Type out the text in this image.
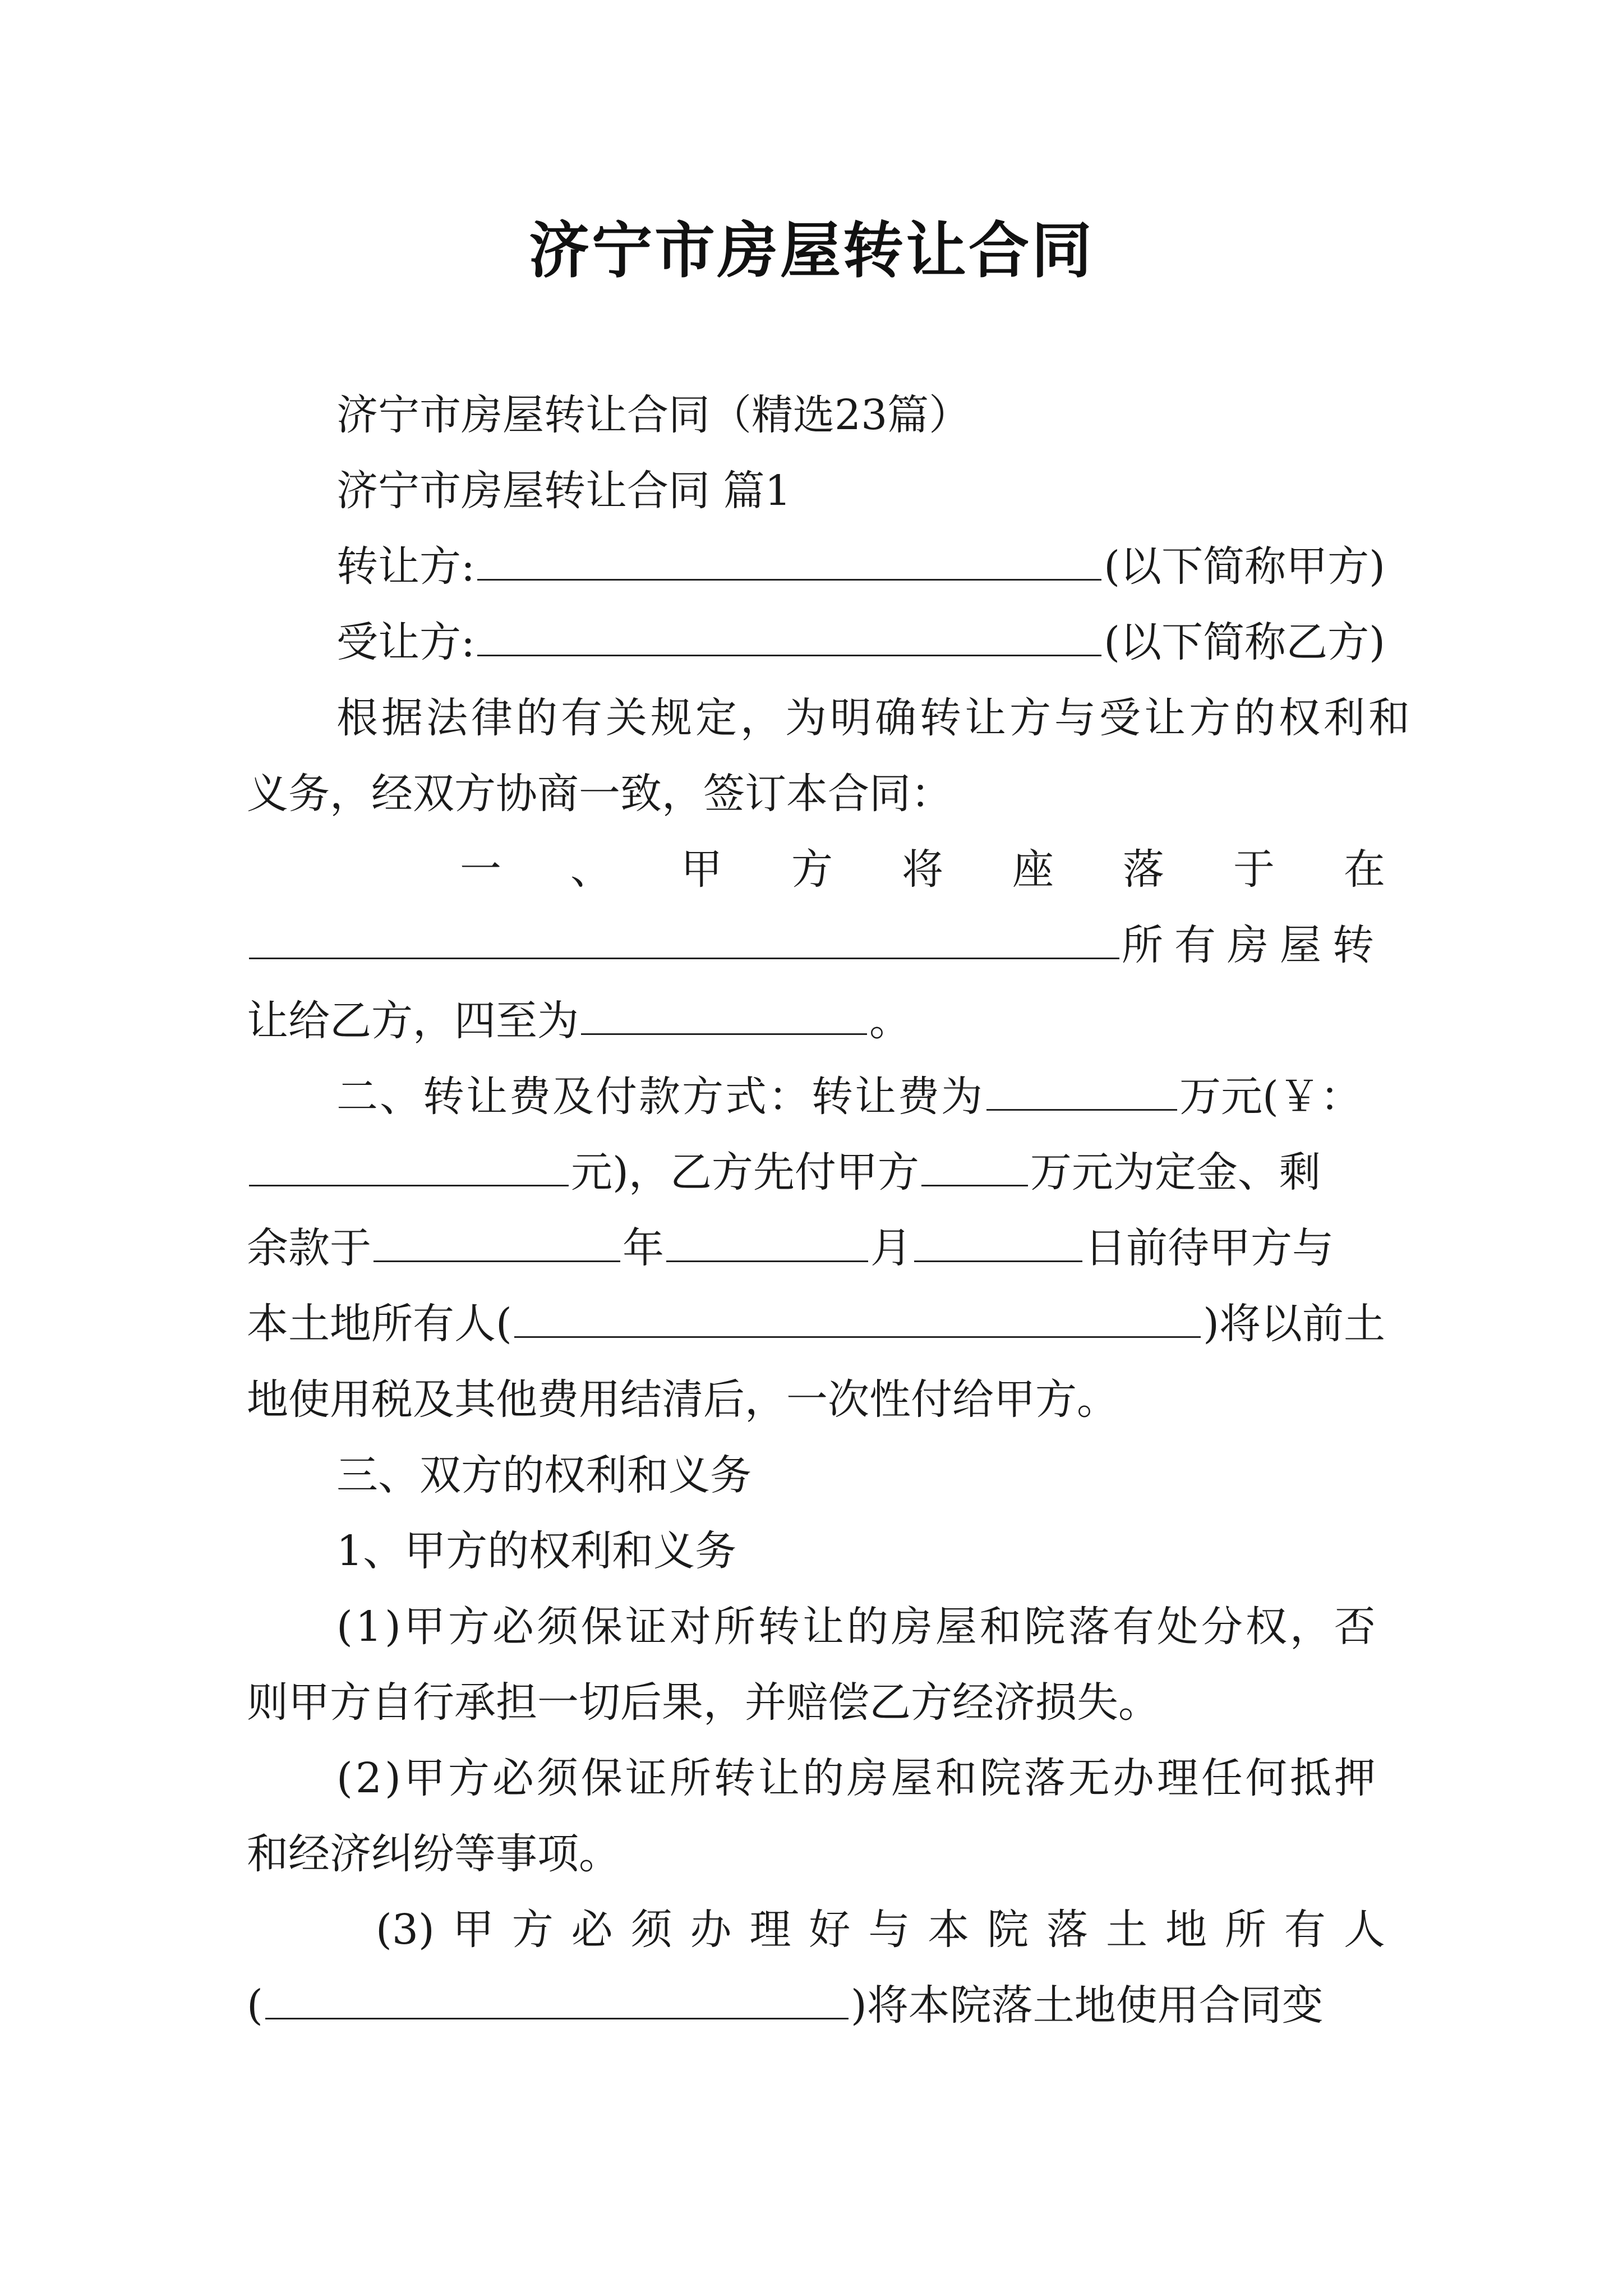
济宁市房屋转让合同
济宁市房屋转让合同（精选23篇）
济宁市房屋转让合同 篇1
转让方:	(以下简称甲方)
受让方:	(以下简称乙方)
根据法律的有关规定，为明确转让方与受让方的权利和
义务，经双方协商一致，签订本合同：
一 、 甲 方 将 座 落 于 在
所有房屋转
让给乙方，四至为	。
二、转让费及付款方式：转让费为	万元(￥：
元)，乙方先付甲方	万元为定金、剩
余款于	年	月	日前待甲方与
本土地所有人(	)将以前土
地使用税及其他费用结清后，一次性付给甲方。
三、双方的权利和义务
1、甲方的权利和义务
(1)甲方必须保证对所转让的房屋和院落有处分权，否
则甲方自行承担一切后果，并赔偿乙方经济损失。
(2)甲方必须保证所转让的房屋和院落无办理任何抵押
和经济纠纷等事项。
(3) 甲 方 必 须 办 理 好 与 本 院 落 土 地 所 有 人
(	)将本院落土地使用合同变
